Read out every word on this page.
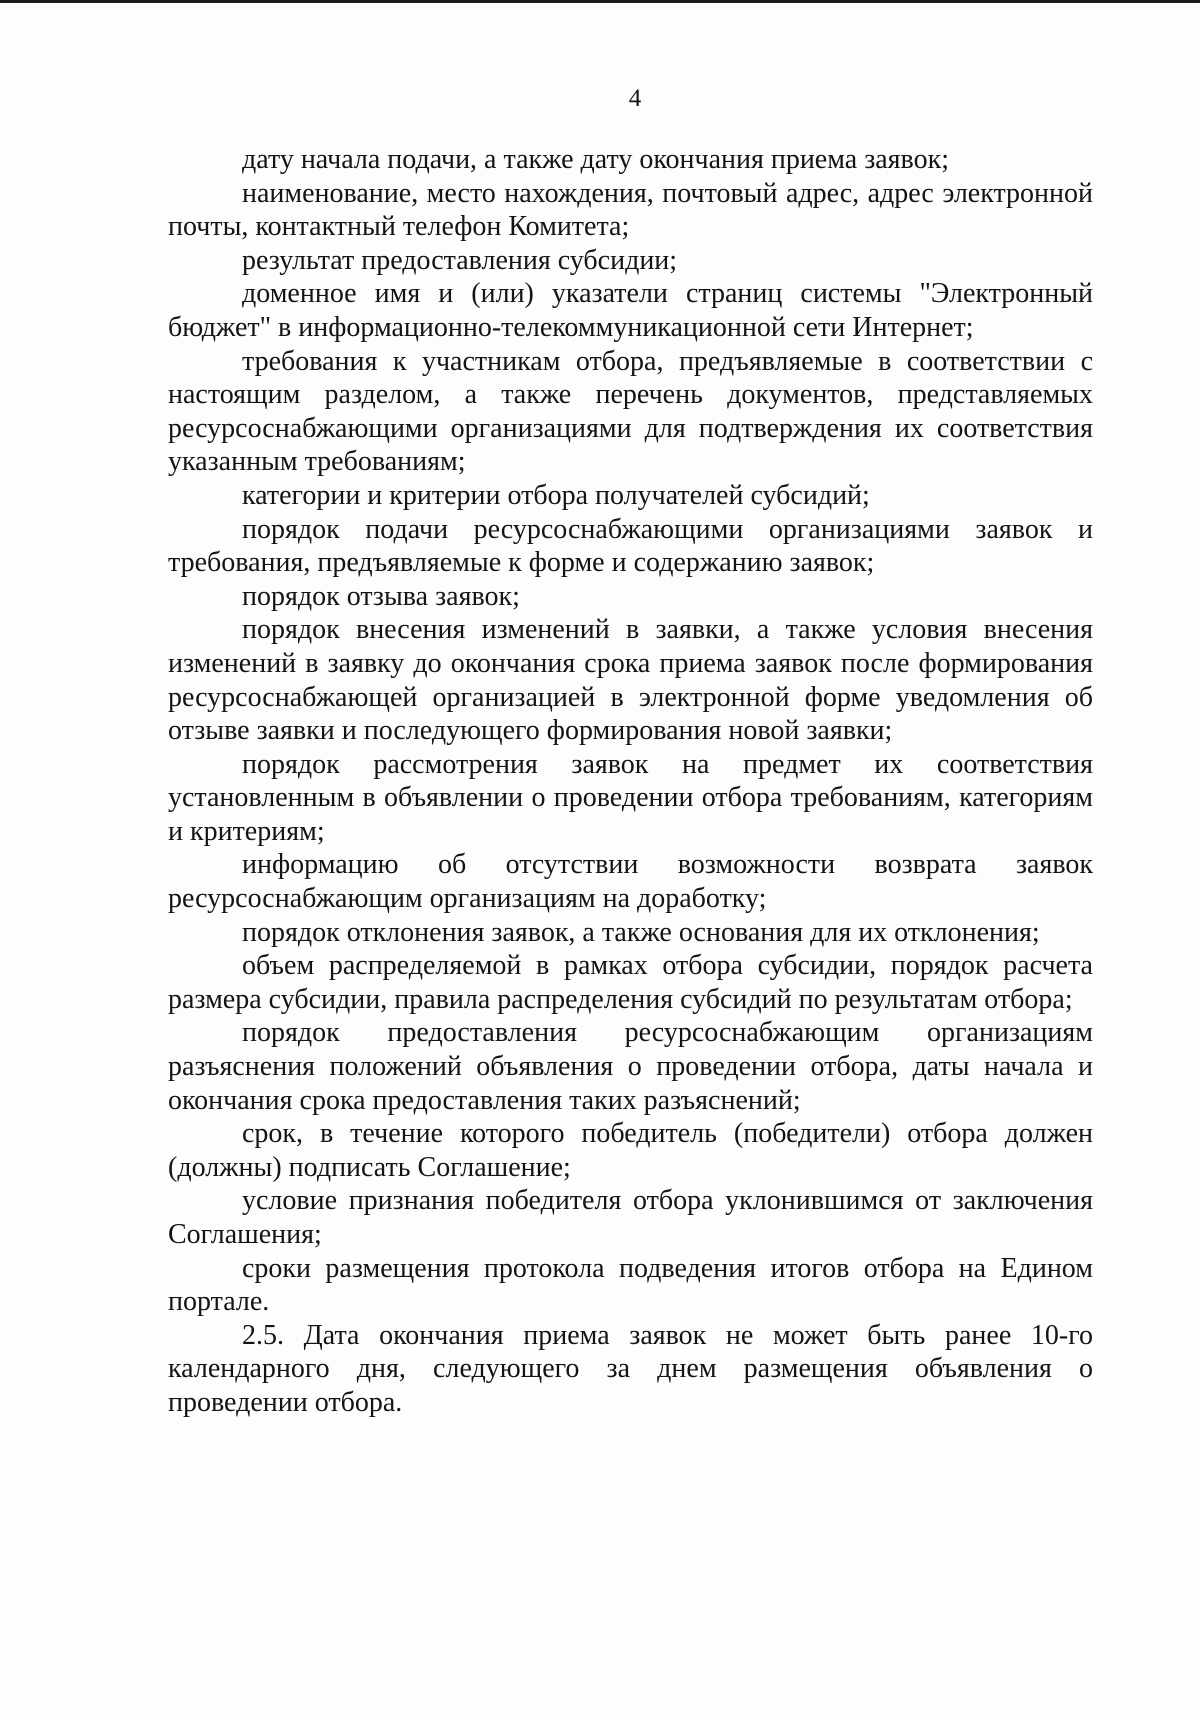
4

дату начала подачи, а также дату окончания приема заявок;

наименование, место нахождения, почтовый адрес, адрес электронной почты, контактный телефон Комитета;

результат предоставления субсидии;

доменное имя и (или) указатели страниц системы "Электронный бюджет" в информационно-телекоммуникационной сети Интернет;

требования к участникам отбора, предъявляемые в соответствии с настоящим разделом, а также перечень документов, представляемых ресурсоснабжающими организациями для подтверждения их соответствия указанным требованиям;

категории и критерии отбора получателей субсидий;

порядок подачи ресурсоснабжающими организациями заявок и требования, предъявляемые к форме и содержанию заявок;

порядок отзыва заявок;

порядок внесения изменений в заявки, а также условия внесения изменений в заявку до окончания срока приема заявок после формирования ресурсоснабжающей организацией в электронной форме уведомления об отзыве заявки и последующего формирования новой заявки;

порядок рассмотрения заявок на предмет их соответствия установленным в объявлении о проведении отбора требованиям, категориям и критериям;

информацию об отсутствии возможности возврата заявок ресурсоснабжающим организациям на доработку;

порядок отклонения заявок, а также основания для их отклонения;

объем распределяемой в рамках отбора субсидии, порядок расчета размера субсидии, правила распределения субсидий по результатам отбора;

порядок предоставления ресурсоснабжающим организациям разъяснения положений объявления о проведении отбора, даты начала и окончания срока предоставления таких разъяснений;

срок, в течение которого победитель (победители) отбора должен (должны) подписать Соглашение;

условие признания победителя отбора уклонившимся от заключения Соглашения;

сроки размещения протокола подведения итогов отбора на Едином портале.

2.5. Дата окончания приема заявок не может быть ранее 10-го календарного дня, следующего за днем размещения объявления о проведении отбора.
